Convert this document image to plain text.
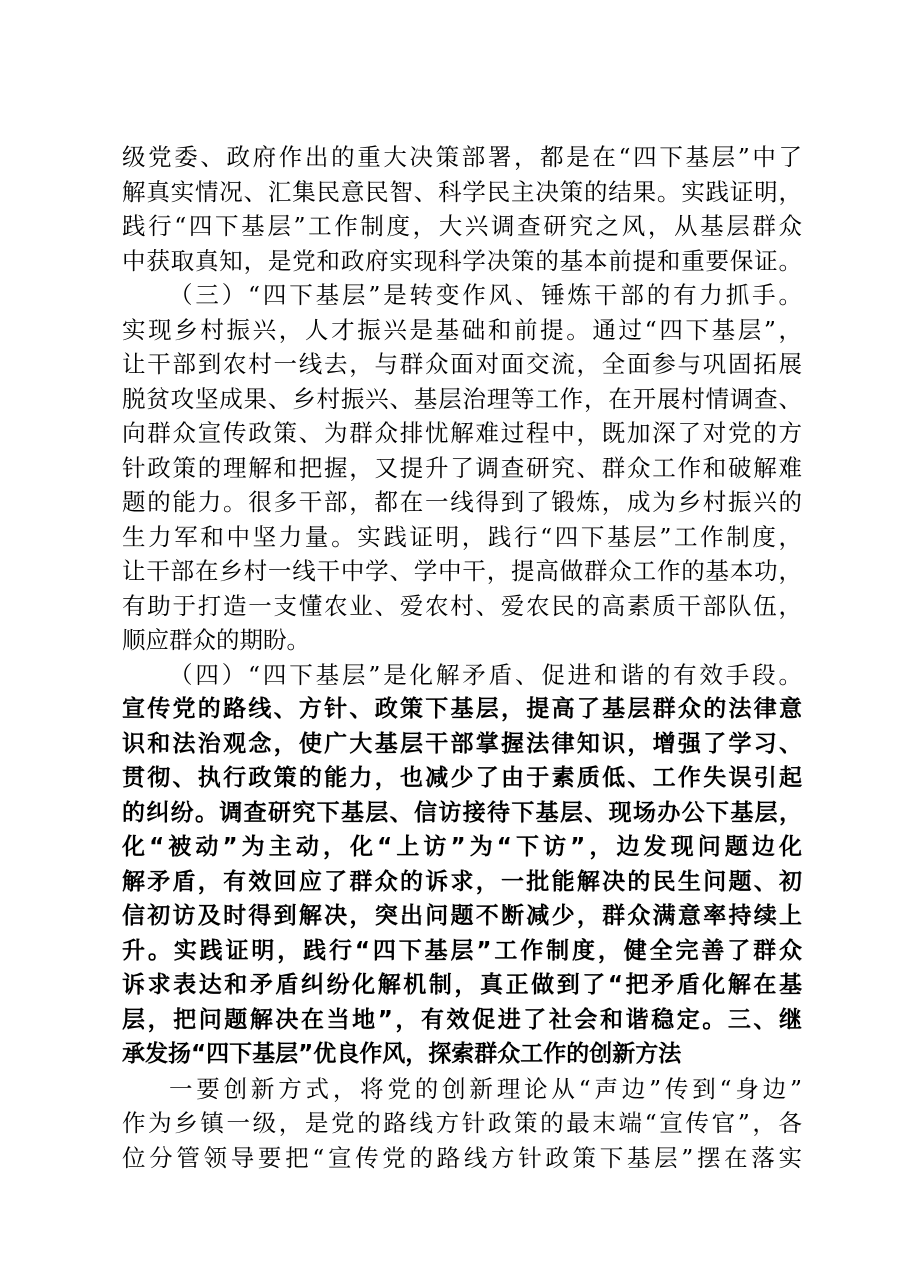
级党委、政府作出的重大决策部署，都是在“四下基层”中了
解真实情况、汇集民意民智、科学民主决策的结果。实践证明，
践行“四下基层”工作制度，大兴调查研究之风，从基层群众
中获取真知，是党和政府实现科学决策的基本前提和重要保证。
（三）“四下基层”是转变作风、锤炼干部的有力抓手。
实现乡村振兴，人才振兴是基础和前提。通过“四下基层”，
让干部到农村一线去，与群众面对面交流，全面参与巩固拓展
脱贫攻坚成果、乡村振兴、基层治理等工作，在开展村情调查、
向群众宣传政策、为群众排忧解难过程中，既加深了对党的方
针政策的理解和把握，又提升了调查研究、群众工作和破解难
题的能力。很多干部，都在一线得到了锻炼，成为乡村振兴的
生力军和中坚力量。实践证明，践行“四下基层”工作制度，
让干部在乡村一线干中学、学中干，提高做群众工作的基本功，
有助于打造一支懂农业、爱农村、爱农民的高素质干部队伍，
顺应群众的期盼。
（四）“四下基层”是化解矛盾、促进和谐的有效手段。
宣传党的路线、方针、政策下基层，提高了基层群众的法律意
识和法治观念，使广大基层干部掌握法律知识，增强了学习、
贯彻、执行政策的能力，也减少了由于素质低、工作失误引起
的纠纷。调查研究下基层、信访接待下基层、现场办公下基层，
化“被动”为主动，化“上访”为“下访”，边发现问题边化
解矛盾，有效回应了群众的诉求，一批能解决的民生问题、初
信初访及时得到解决，突出问题不断减少，群众满意率持续上
升。实践证明，践行“四下基层”工作制度，健全完善了群众
诉求表达和矛盾纠纷化解机制，真正做到了“把矛盾化解在基
层，把问题解决在当地”，有效促进了社会和谐稳定。三、继
承发扬“四下基层”优良作风，探索群众工作的创新方法
一要创新方式，将党的创新理论从“声边”传到“身边”
作为乡镇一级，是党的路线方针政策的最末端“宣传官”，各
位分管领导要把“宣传党的路线方针政策下基层”摆在落实
